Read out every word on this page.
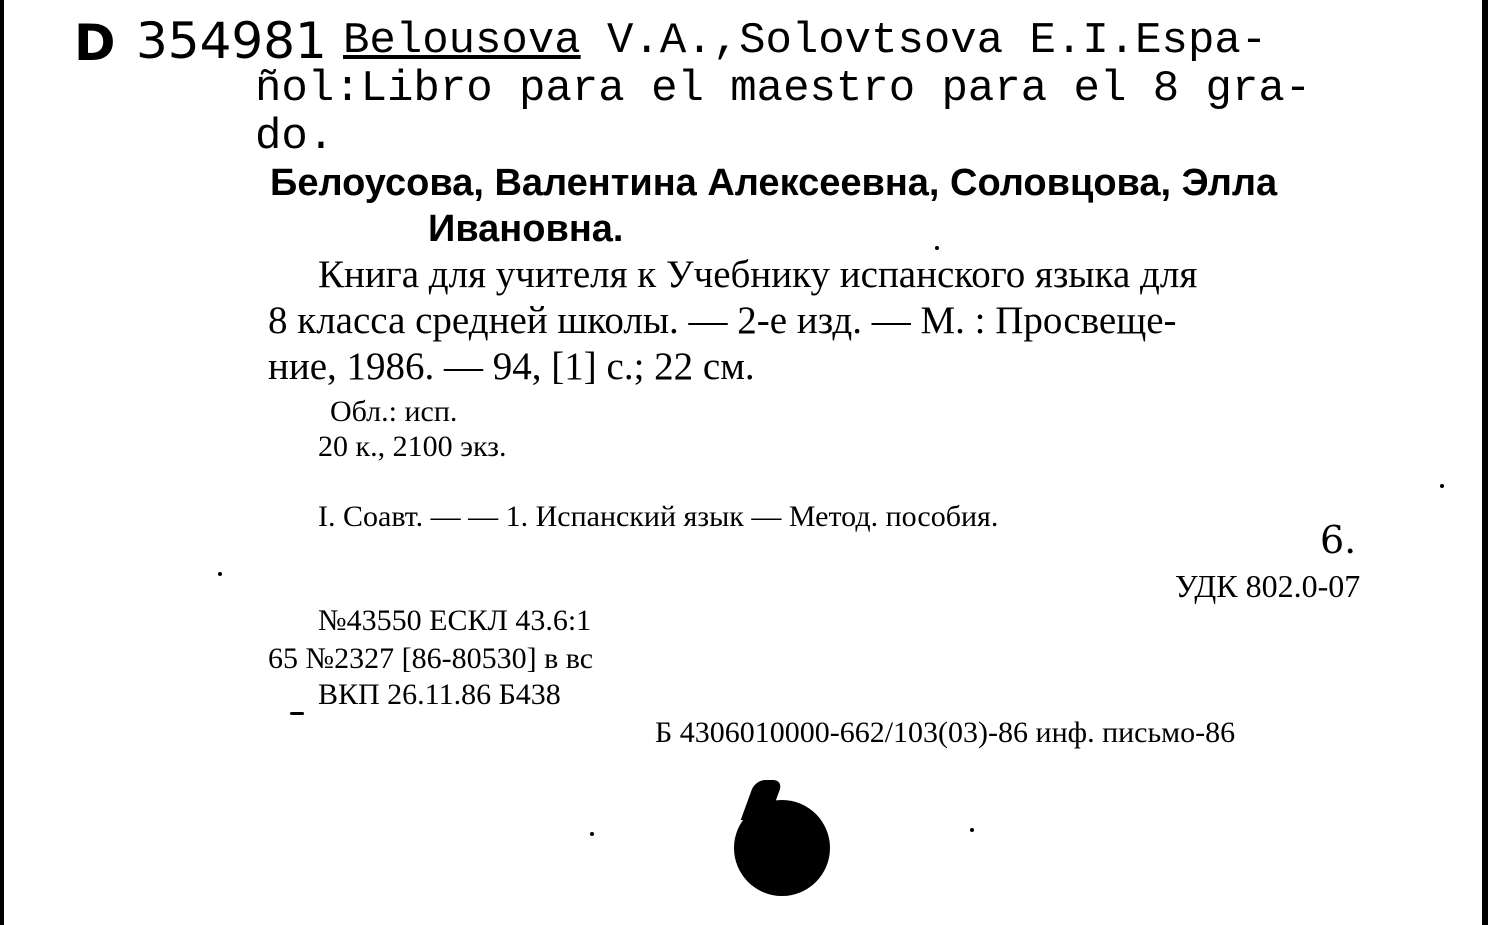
D 354981 Belousova V.A.,Solovtsova E.I.Espa-
ñol:Libro para el maestro para el 8 gra-
do.
Белоусова, Валентина Алексеевна, Соловцова, Элла
Ивановна.
Книга для учителя к Учебнику испанского языка для
8 класса средней школы. — 2-е изд. — М. : Просвеще-
ние, 1986. — 94, [1] с.; 22 см.
Обл.: исп.
20 к., 2100 экз.
I. Соавт. — — 1. Испанский язык — Метод. пособия.
6.
УДК 802.0-07
№43550 ЕСКЛ 43.6:1
65 №2327 [86-80530] в вс
ВКП 26.11.86 Б438
Б 4306010000-662/103(03)-86 инф. письмо-86
